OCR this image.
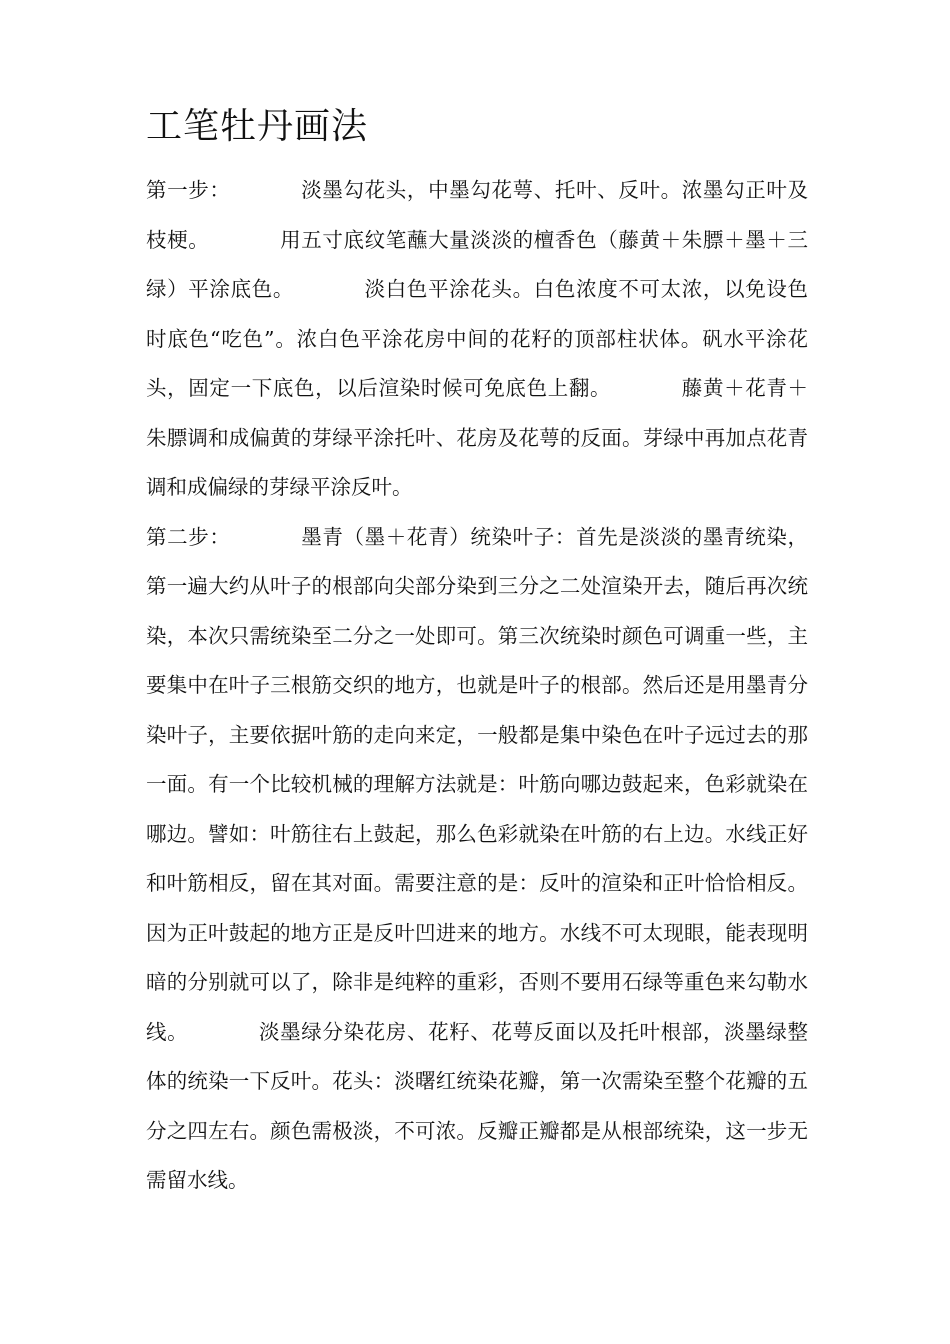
工笔牡丹画法

第一步：	淡墨勾花头，中墨勾花萼、托叶、反叶。浓墨勾正叶及枝梗。	用五寸底纹笔蘸大量淡淡的檀香色（藤黄＋朱膘＋墨＋三绿）平涂底色。	淡白色平涂花头。白色浓度不可太浓，以免设色时底色“吃色”。浓白色平涂花房中间的花籽的顶部柱状体。矾水平涂花头，固定一下底色，以后渲染时候可免底色上翻。	藤黄＋花青＋朱膘调和成偏黄的芽绿平涂托叶、花房及花萼的反面。芽绿中再加点花青调和成偏绿的芽绿平涂反叶。

第二步：	墨青（墨＋花青）统染叶子：首先是淡淡的墨青统染，第一遍大约从叶子的根部向尖部分染到三分之二处渲染开去，随后再次统染，本次只需统染至二分之一处即可。第三次统染时颜色可调重一些，主要集中在叶子三根筋交织的地方，也就是叶子的根部。然后还是用墨青分染叶子，主要依据叶筋的走向来定，一般都是集中染色在叶子远过去的那一面。有一个比较机械的理解方法就是：叶筋向哪边鼓起来，色彩就染在哪边。譬如：叶筋往右上鼓起，那么色彩就染在叶筋的右上边。水线正好和叶筋相反，留在其对面。需要注意的是：反叶的渲染和正叶恰恰相反。因为正叶鼓起的地方正是反叶凹进来的地方。水线不可太现眼，能表现明暗的分别就可以了，除非是纯粹的重彩，否则不要用石绿等重色来勾勒水线。	淡墨绿分染花房、花籽、花萼反面以及托叶根部，淡墨绿整体的统染一下反叶。花头：淡曙红统染花瓣，第一次需染至整个花瓣的五分之四左右。颜色需极淡，不可浓。反瓣正瓣都是从根部统染，这一步无需留水线。
